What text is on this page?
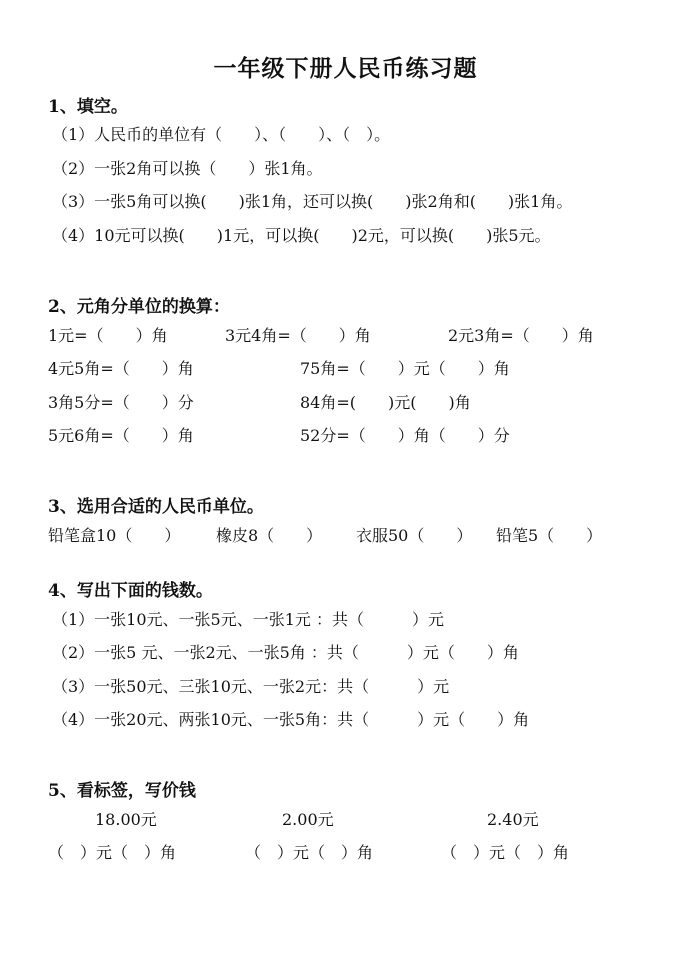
一年级下册人民币练习题
1、填空。
（1）人民币的单位有（　　）、（　　）、（　）。
（2）一张2角可以换（　　）张1角。
（3）一张5角可以换(　　)张1角，还可以换(　　)张2角和(　　)张1角。
（4）10元可以换(　　)1元，可以换(　　)2元，可以换(　　)张5元。
2、元角分单位的换算：
1元=（　　）角	3元4角=（　　）角	2元3角=（　　）角
4元5角=（　　）角	75角=（　　）元（　　）角
3角5分=（　　）分	84角=(　　)元(　　)角
5元6角=（　　）角	52分=（　　）角（　　）分
3、选用合适的人民币单位。
铅笔盒10（　　） 橡皮8（　　） 衣服50（　　） 铅笔5（　　）
4、写出下面的钱数。
（1）一张10元、一张5元、一张1元 ：共（　　　）元
（2）一张5 元、一张2元、一张5角 ：共（　　　）元（　　）角
（3）一张50元、三张10元、一张2元：共（　　　）元
（4）一张20元、两张10元、一张5角：共（　　　）元（　　）角
5、看标签，写价钱
18.00元	2.00元	2.40元
（　）元（　）角	（　）元（　）角	（　）元（　）角
